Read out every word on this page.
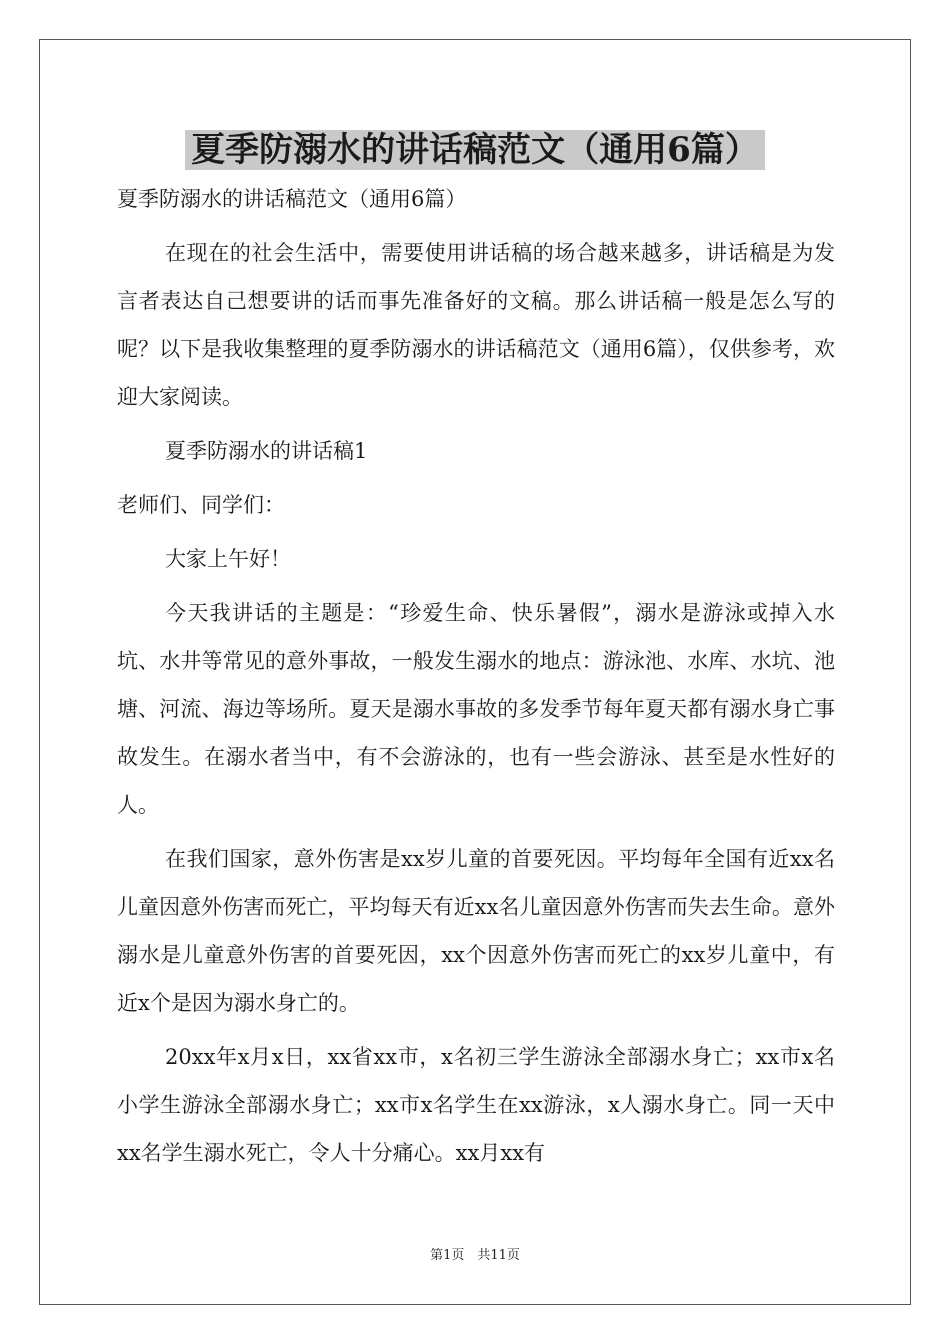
夏季防溺水的讲话稿范文（通用6篇）

夏季防溺水的讲话稿范文（通用6篇）

在现在的社会生活中，需要使用讲话稿的场合越来越多，讲话稿是为发言者表达自己想要讲的话而事先准备好的文稿。那么讲话稿一般是怎么写的呢？以下是我收集整理的夏季防溺水的讲话稿范文（通用6篇），仅供参考，欢迎大家阅读。

夏季防溺水的讲话稿1

老师们、同学们：

大家上午好！

今天我讲话的主题是：“珍爱生命、快乐暑假”，溺水是游泳或掉入水坑、水井等常见的意外事故，一般发生溺水的地点：游泳池、水库、水坑、池塘、河流、海边等场所。夏天是溺水事故的多发季节每年夏天都有溺水身亡事故发生。在溺水者当中，有不会游泳的，也有一些会游泳、甚至是水性好的人。

在我们国家，意外伤害是xx岁儿童的首要死因。平均每年全国有近xx名儿童因意外伤害而死亡，平均每天有近xx名儿童因意外伤害而失去生命。意外溺水是儿童意外伤害的首要死因，xx个因意外伤害而死亡的xx岁儿童中，有近x个是因为溺水身亡的。

20xx年x月x日，xx省xx市，x名初三学生游泳全部溺水身亡；xx市x名小学生游泳全部溺水身亡；xx市x名学生在xx游泳，x人溺水身亡。同一天中xx名学生溺水死亡，令人十分痛心。xx月xx有

第1页　共11页
